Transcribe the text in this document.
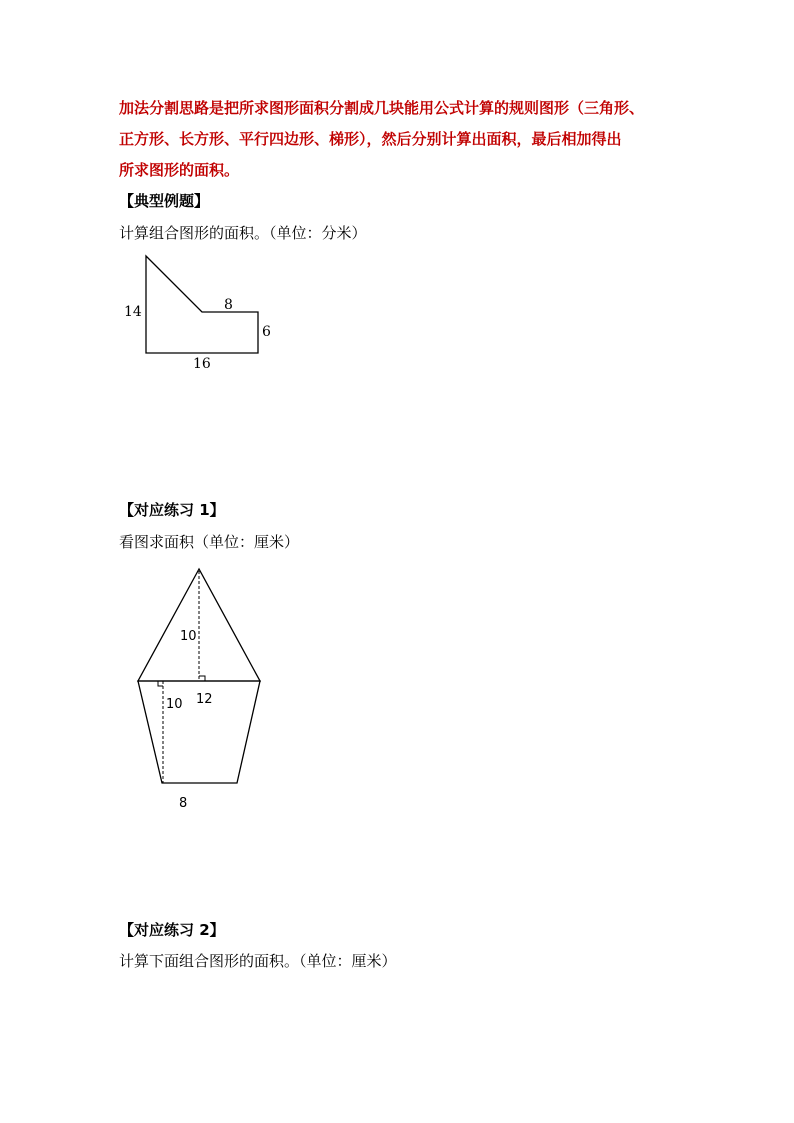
加法分割思路是把所求图形面积分割成几块能用公式计算的规则图形（三角形、
正方形、长方形、平行四边形、梯形），然后分别计算出面积，最后相加得出
所求图形的面积。
【典型例题】
计算组合图形的面积。（单位：分米）
14	8
6
16
10
10 12
8
【对应练习 1】
看图求面积（单位：厘米）
【对应练习 2】
计算下面组合图形的面积。（单位：厘米）
